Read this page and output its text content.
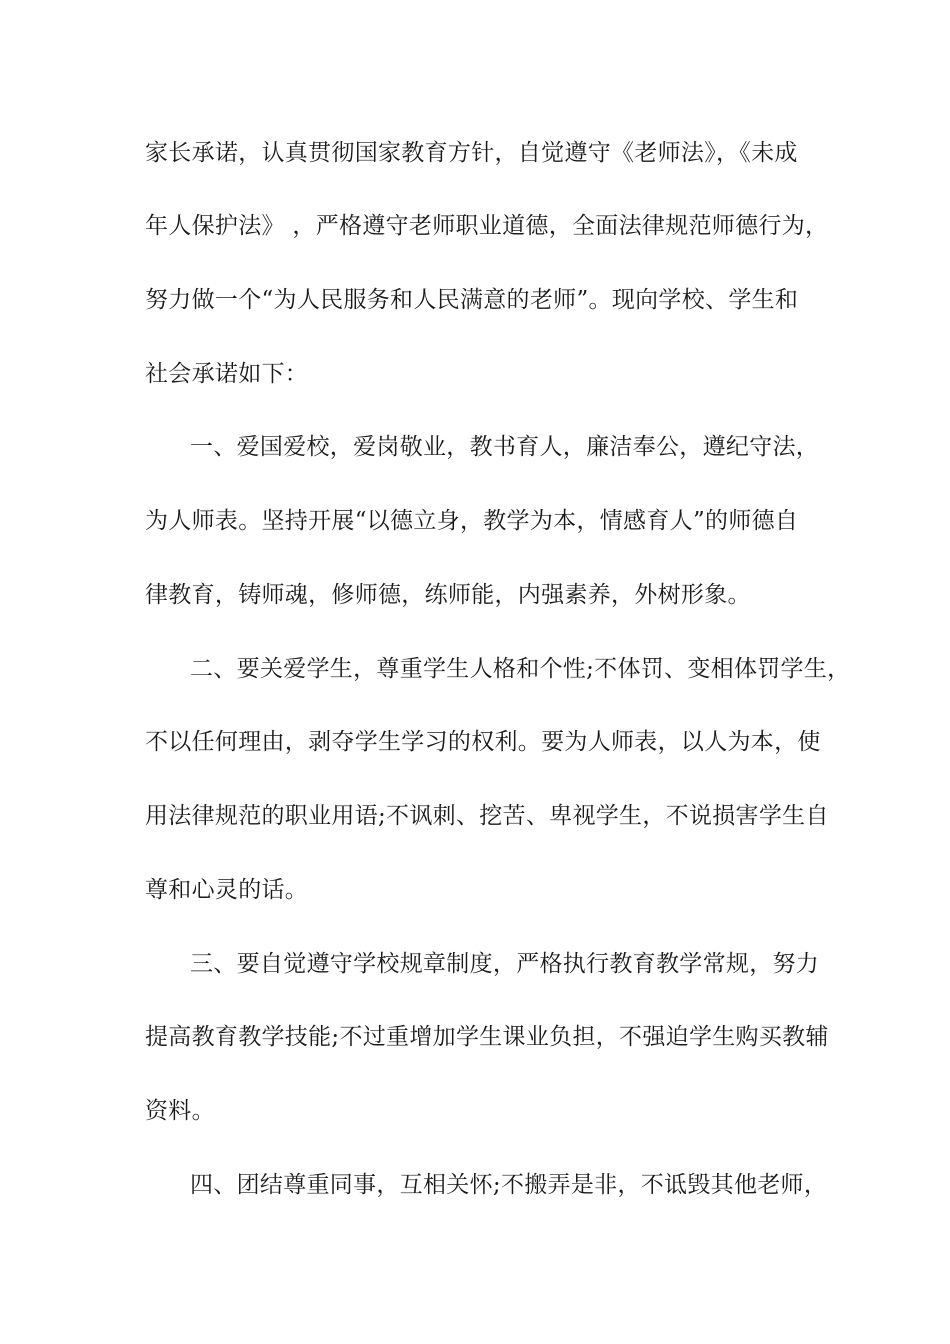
家长承诺，认真贯彻国家教育方针，自觉遵守《老师法》，《未成
年人保护法》 ，严格遵守老师职业道德，全面法律规范师德行为，
努力做一个“为人民服务和人民满意的老师”。现向学校、学生和
社会承诺如下：
一、爱国爱校，爱岗敬业，教书育人，廉洁奉公，遵纪守法，
为人师表。坚持开展“以德立身，教学为本，情感育人”的师德自
律教育，铸师魂，修师德，练师能，内强素养，外树形象。
二、要关爱学生，尊重学生人格和个性;不体罚、变相体罚学生，
不以任何理由，剥夺学生学习的权利。要为人师表，以人为本，使
用法律规范的职业用语;不讽刺、挖苦、卑视学生，不说损害学生自
尊和心灵的话。
三、要自觉遵守学校规章制度，严格执行教育教学常规，努力
提高教育教学技能;不过重增加学生课业负担，不强迫学生购买教辅
资料。
四、团结尊重同事，互相关怀;不搬弄是非，不诋毁其他老师，
